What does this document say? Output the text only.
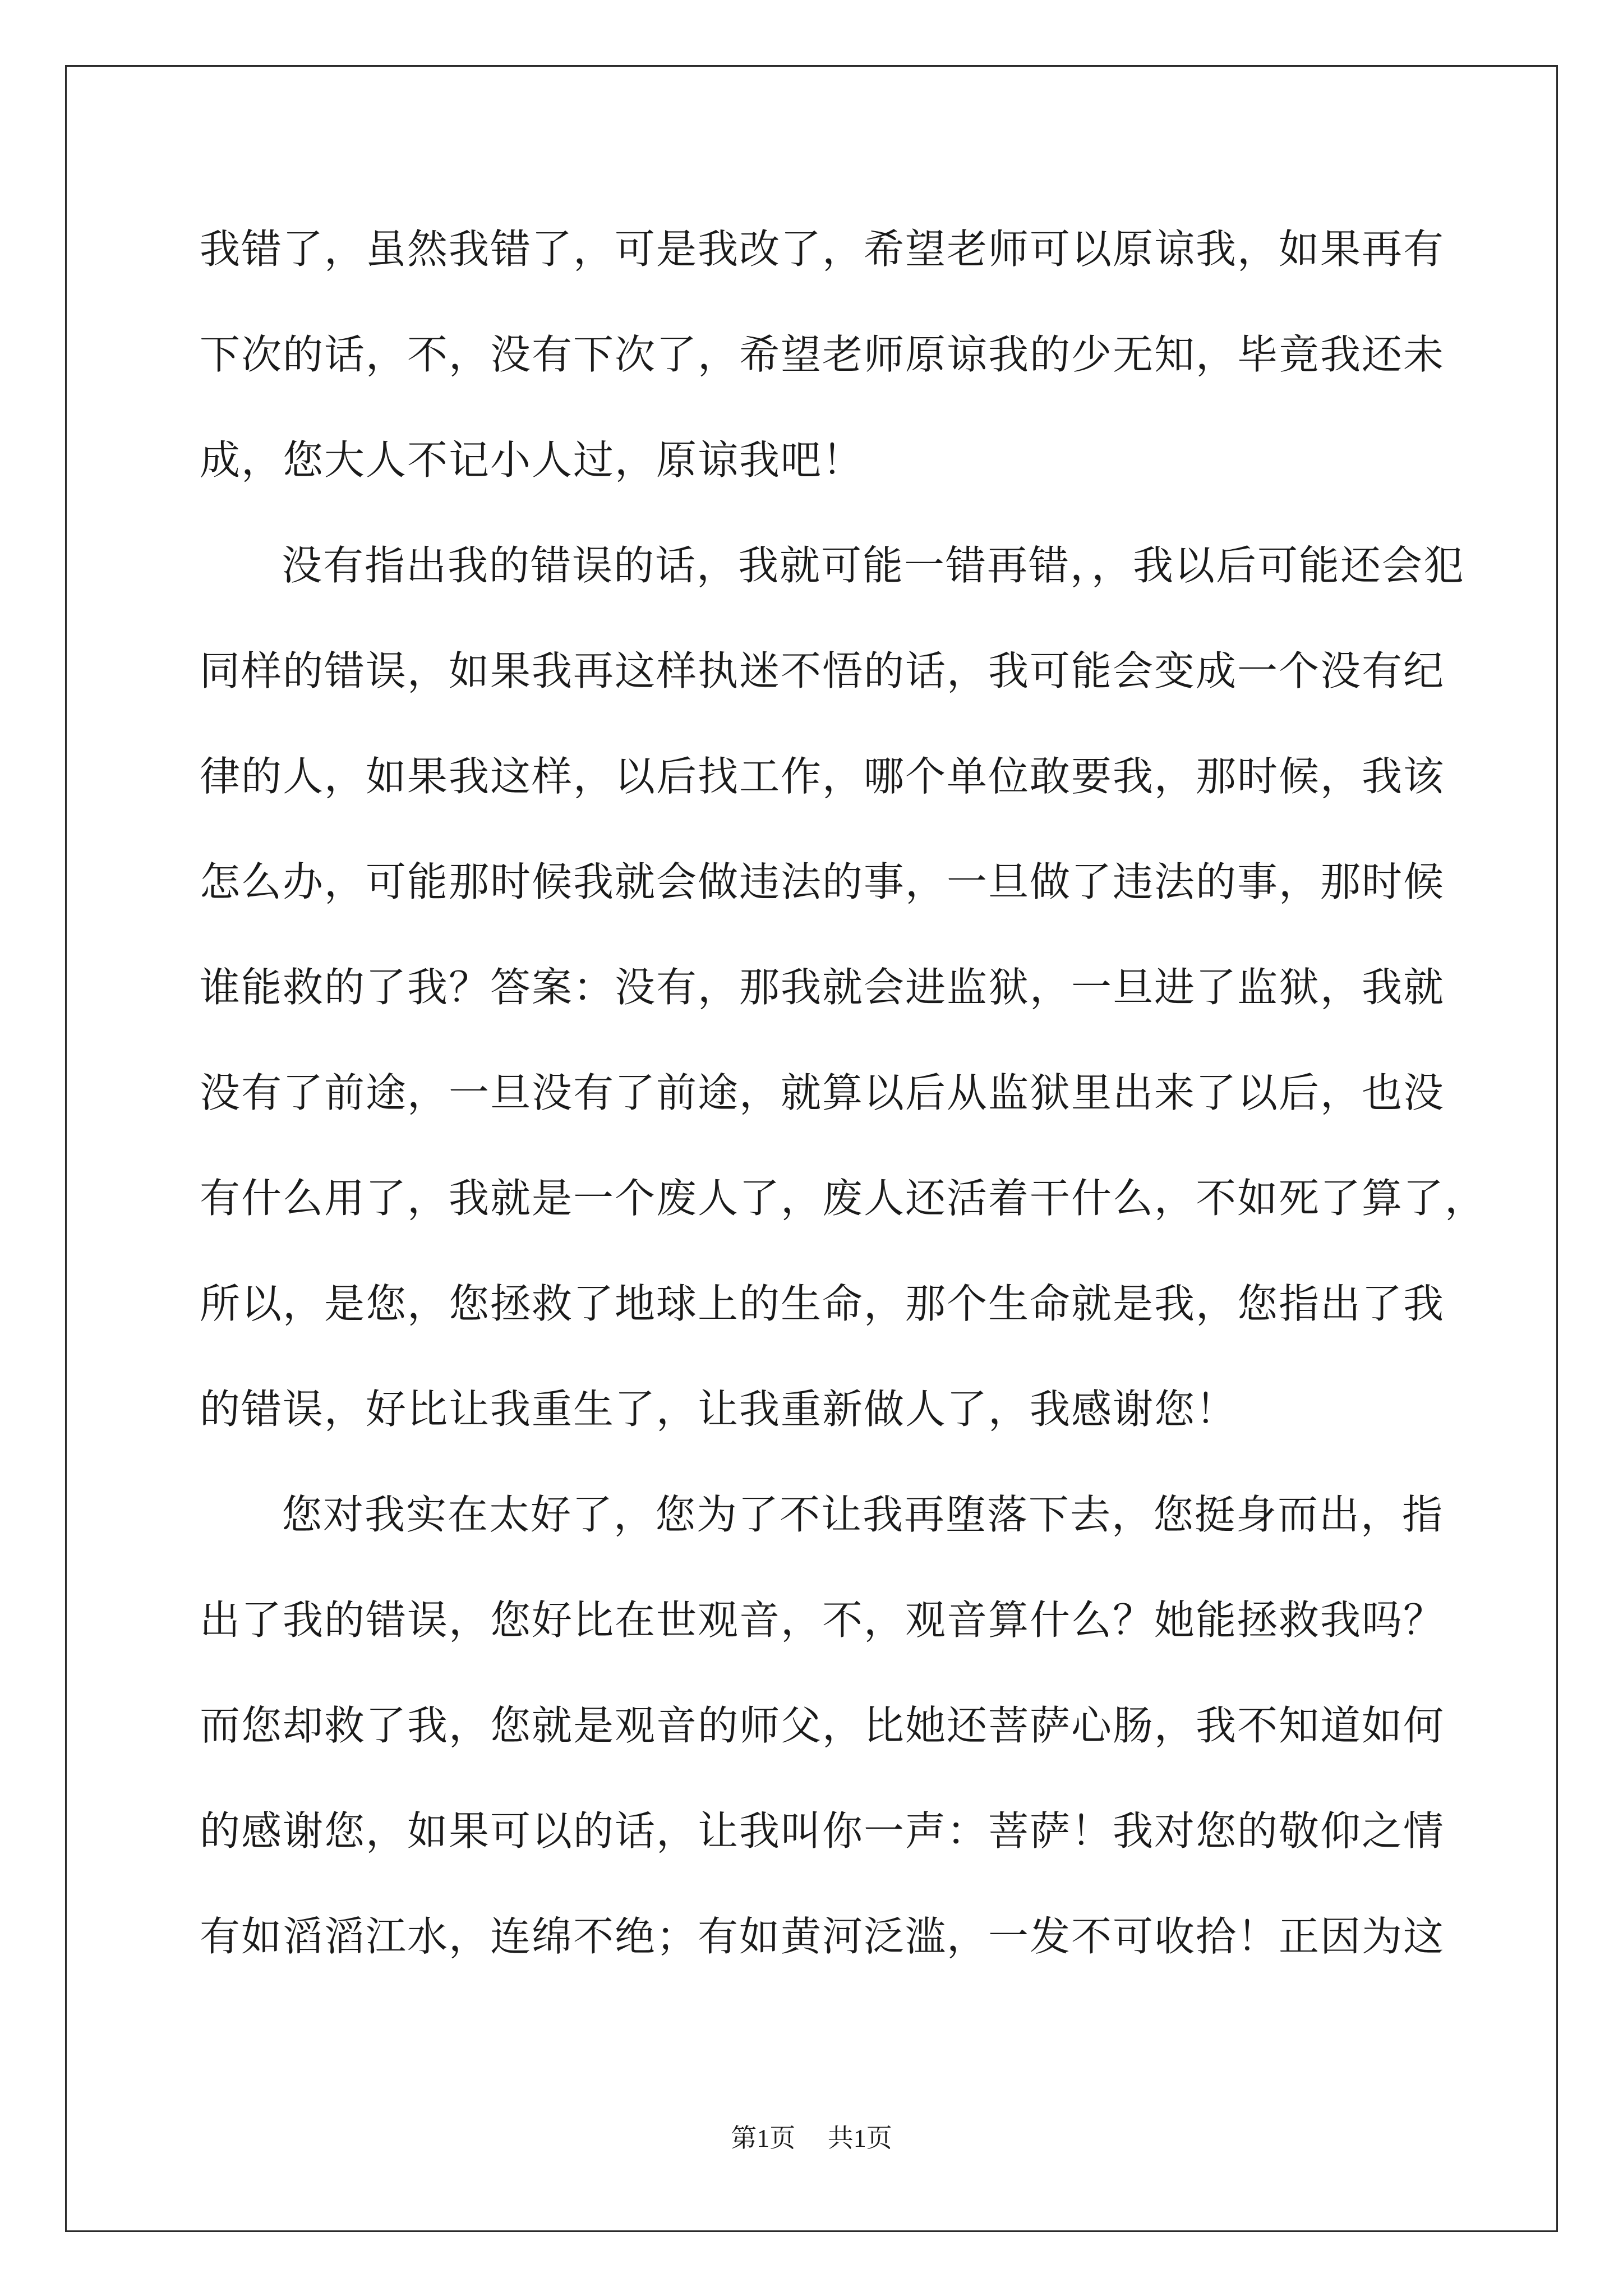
我错了，虽然我错了，可是我改了，希望老师可以原谅我，如果再有
下次的话，不，没有下次了，希望老师原谅我的少无知，毕竟我还未
成，您大人不记小人过，原谅我吧！
没有指出我的错误的话，我就可能一错再错，，我以后可能还会犯
同样的错误，如果我再这样执迷不悟的话，我可能会变成一个没有纪
律的人，如果我这样，以后找工作，哪个单位敢要我，那时候，我该
怎么办，可能那时候我就会做违法的事，一旦做了违法的事，那时候
谁能救的了我？答案：没有，那我就会进监狱，一旦进了监狱，我就
没有了前途，一旦没有了前途，就算以后从监狱里出来了以后，也没
有什么用了，我就是一个废人了，废人还活着干什么，不如死了算了，
所以，是您，您拯救了地球上的生命，那个生命就是我，您指出了我
的错误，好比让我重生了，让我重新做人了，我感谢您！
您对我实在太好了，您为了不让我再堕落下去，您挺身而出，指
出了我的错误，您好比在世观音，不，观音算什么？她能拯救我吗？
而您却救了我，您就是观音的师父，比她还菩萨心肠，我不知道如何
的感谢您，如果可以的话，让我叫你一声：菩萨！我对您的敬仰之情
有如滔滔江水，连绵不绝；有如黄河泛滥，一发不可收拾！正因为这
第1页 共1页
